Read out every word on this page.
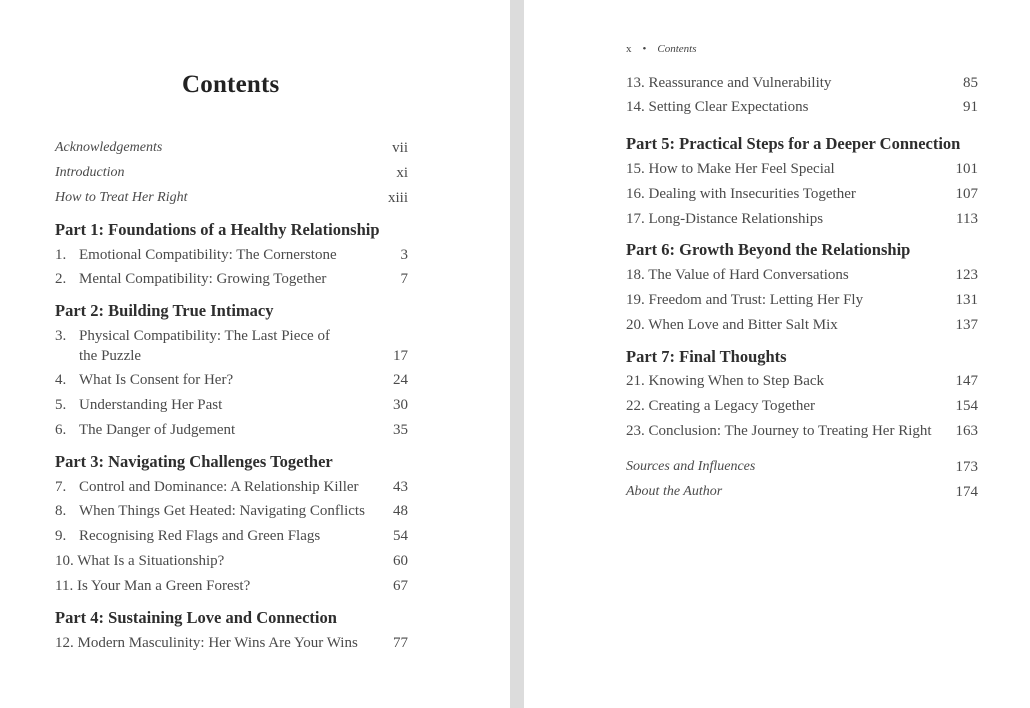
Contents
Acknowledgements	vii
Introduction	xi
How to Treat Her Right	xiii
Part 1: Foundations of a Healthy Relationship
1. Emotional Compatibility: The Cornerstone	3
2. Mental Compatibility: Growing Together	7
Part 2: Building True Intimacy
3. Physical Compatibility: The Last Piece of
the Puzzle	17
4. What Is Consent for Her?	24
5. Understanding Her Past	30
6. The Danger of Judgement	35
Part 3: Navigating Challenges Together
7. Control and Dominance: A Relationship Killer 43
8. When Things Get Heated: Navigating Conflicts 48
9. Recognising Red Flags and Green Flags	54
10. What Is a Situationship?	60
11. Is Your Man a Green Forest?	67
Part 4: Sustaining Love and Connection
12. Modern Masculinity: Her Wins Are Your Wins 77
x • Contents
13. Reassurance and Vulnerability	85
14. Setting Clear Expectations	91
Part 5: Practical Steps for a Deeper Connection
15. How to Make Her Feel Special	101
16. Dealing with Insecurities Together	107
17. Long-Distance Relationships	113
Part 6: Growth Beyond the Relationship
18. The Value of Hard Conversations	123
19. Freedom and Trust: Letting Her Fly	131
20. When Love and Bitter Salt Mix	137
Part 7: Final Thoughts
21. Knowing When to Step Back	147
22. Creating a Legacy Together	154
23. Conclusion: The Journey to Treating Her Right 163
Sources and Influences	173
About the Author	174
